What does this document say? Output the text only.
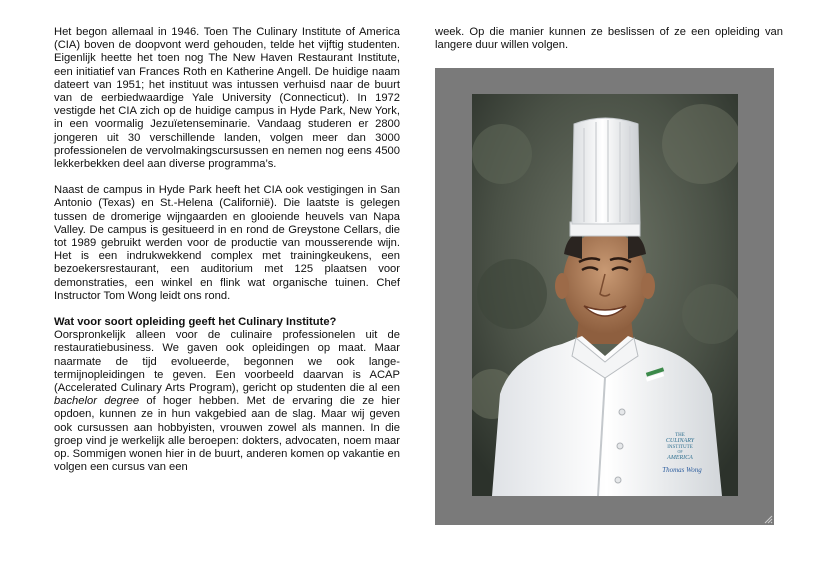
Het begon allemaal in 1946. Toen The Culinary Institute of America (CIA) boven de doopvont werd gehouden, telde het vijftig studenten. Eigenlijk heette het toen nog The New Haven Restaurant Institute, een initiatief van Frances Roth en Katherine Angell. De huidige naam dateert van 1951; het instituut was intussen verhuisd naar de buurt van de eerbiedwaardige Yale University (Connecticut). In 1972 vestigde het CIA zich op de huidige campus in Hyde Park, New York, in een voormalig Jezuïetenseminarie. Vandaag studeren er 2800 jongeren uit 30 verschillende landen, volgen meer dan 3000 professionelen de vervolmakingscursussen en nemen nog eens 4500 lekkerbekken deel aan diverse programma’s.

Naast de campus in Hyde Park heeft het CIA ook vestigingen in San Antonio (Texas) en St.-Helena (Californië). Die laatste is gelegen tussen de dromerige wijngaarden en glooiende heuvels van Napa Valley. De campus is gesitueerd in en rond de Greystone Cellars, die tot 1989 gebruikt werden voor de productie van mousserende wijn. Het is een indrukwekkend complex met trainingkeukens, een bezoekersrestaurant, een auditorium met 125 plaatsen voor demonstraties, een winkel en flink wat organische tuinen. Chef Instructor Tom Wong leidt ons rond.

Wat voor soort opleiding geeft het Culinary Institute?
Oorspronkelijk alleen voor de culinaire professionelen uit de restauratiebusiness. We gaven ook opleidingen op maat. Maar naarmate de tijd evolueerde, begonnen we ook lange-termijnopleidingen te geven. Een voorbeeld daarvan is ACAP (Accelerated Culinary Arts Program), gericht op studenten die al een bachelor degree of hoger hebben. Met de ervaring die ze hier opdoen, kunnen ze in hun vakgebied aan de slag. Maar wij geven ook cursussen aan hobbyisten, vrouwen zowel als mannen. In die groep vind je werkelijk alle beroepen: dokters, advocaten, noem maar op. Sommigen wonen hier in de buurt, anderen komen op vakantie en volgen een cursus van een

week. Op die manier kunnen ze beslissen of ze een opleiding van langere duur willen volgen.

THE
CULINARY
INSTITUTE
OF
AMERICA
Thomas Wong
